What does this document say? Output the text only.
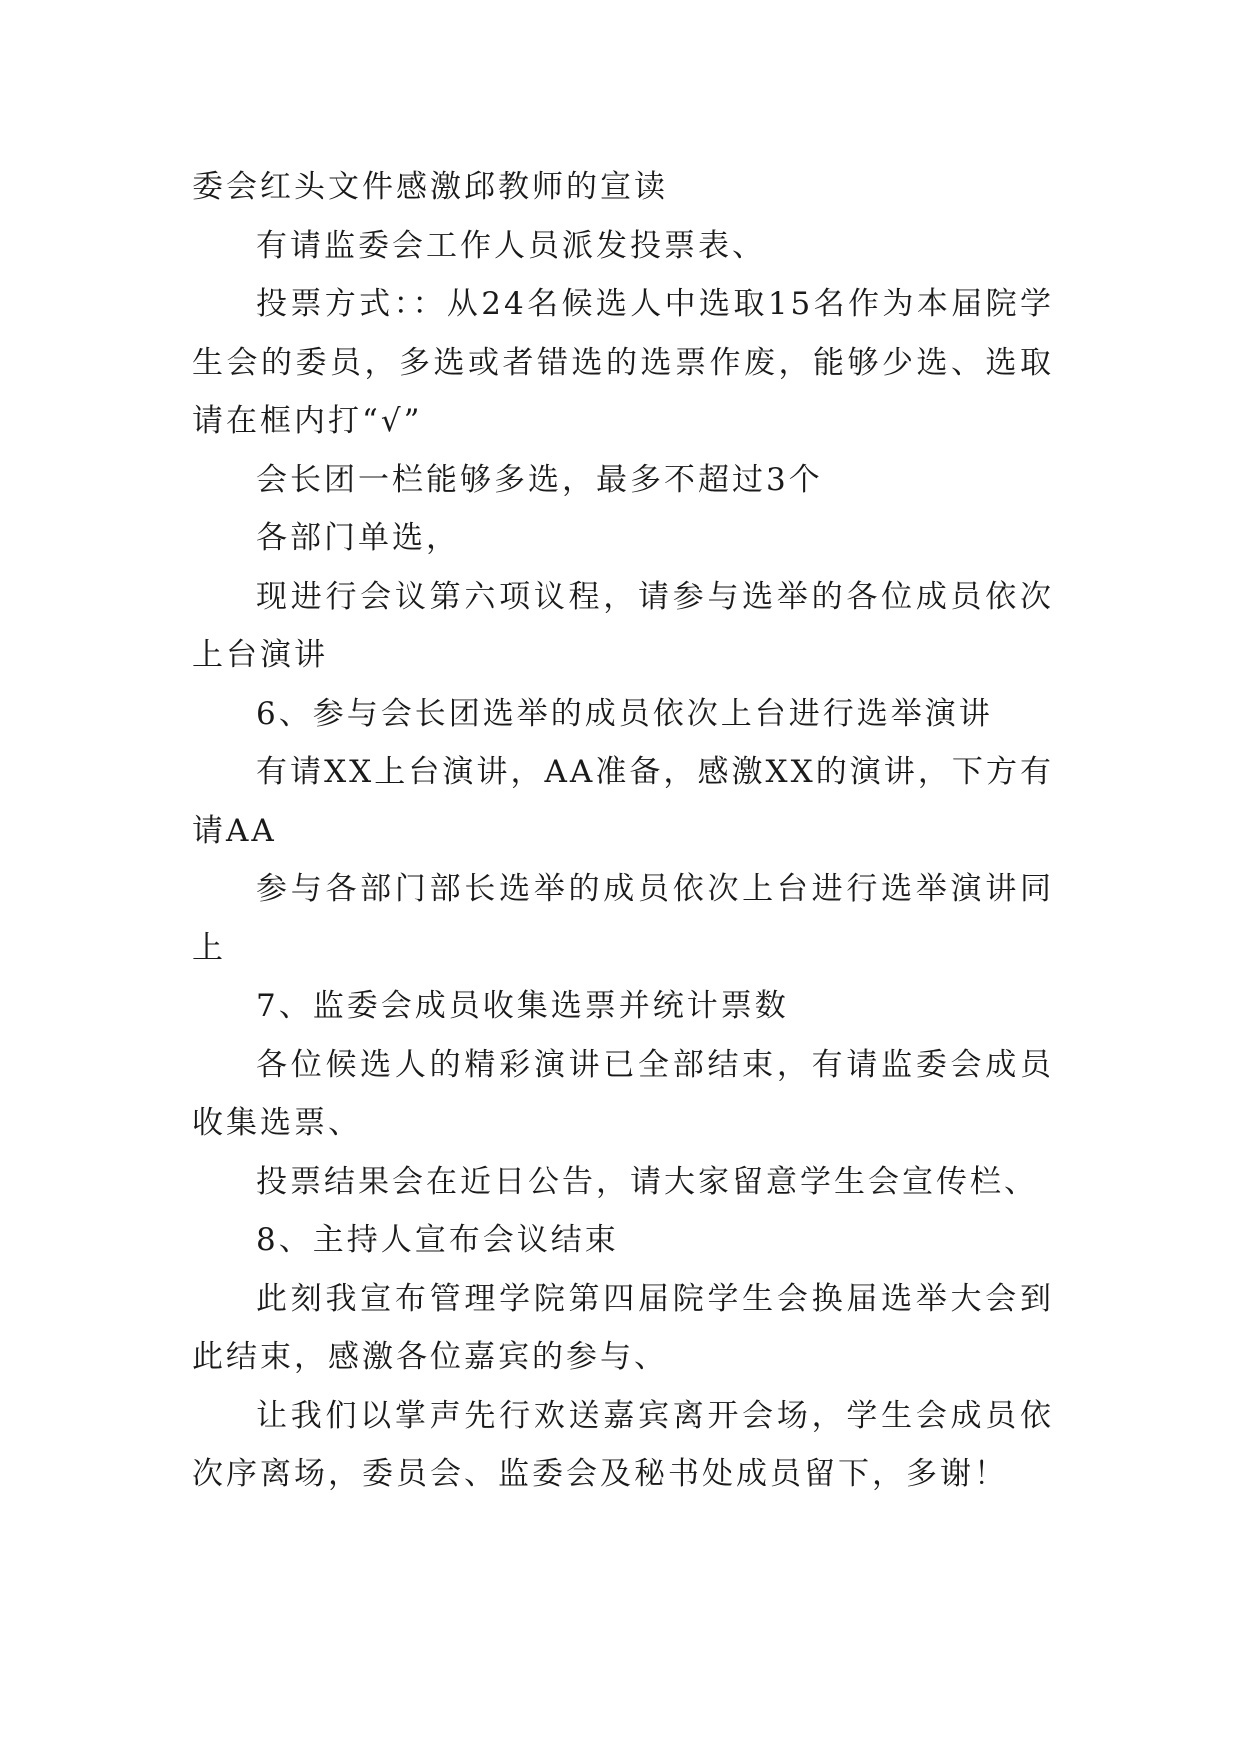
委会红头文件感激邱教师的宣读

有请监委会工作人员派发投票表、

投票方式：：从24名候选人中选取15名作为本届院学生会的委员，多选或者错选的选票作废，能够少选、选取请在框内打“√”

会长团一栏能够多选，最多不超过3个

各部门单选，

现进行会议第六项议程，请参与选举的各位成员依次上台演讲

6、参与会长团选举的成员依次上台进行选举演讲

有请XX上台演讲，AA准备，感激XX的演讲，下方有请AA

参与各部门部长选举的成员依次上台进行选举演讲同上

7、监委会成员收集选票并统计票数

各位候选人的精彩演讲已全部结束，有请监委会成员收集选票、

投票结果会在近日公告，请大家留意学生会宣传栏、

8、主持人宣布会议结束

此刻我宣布管理学院第四届院学生会换届选举大会到此结束，感激各位嘉宾的参与、

让我们以掌声先行欢送嘉宾离开会场，学生会成员依次序离场，委员会、监委会及秘书处成员留下，多谢！
